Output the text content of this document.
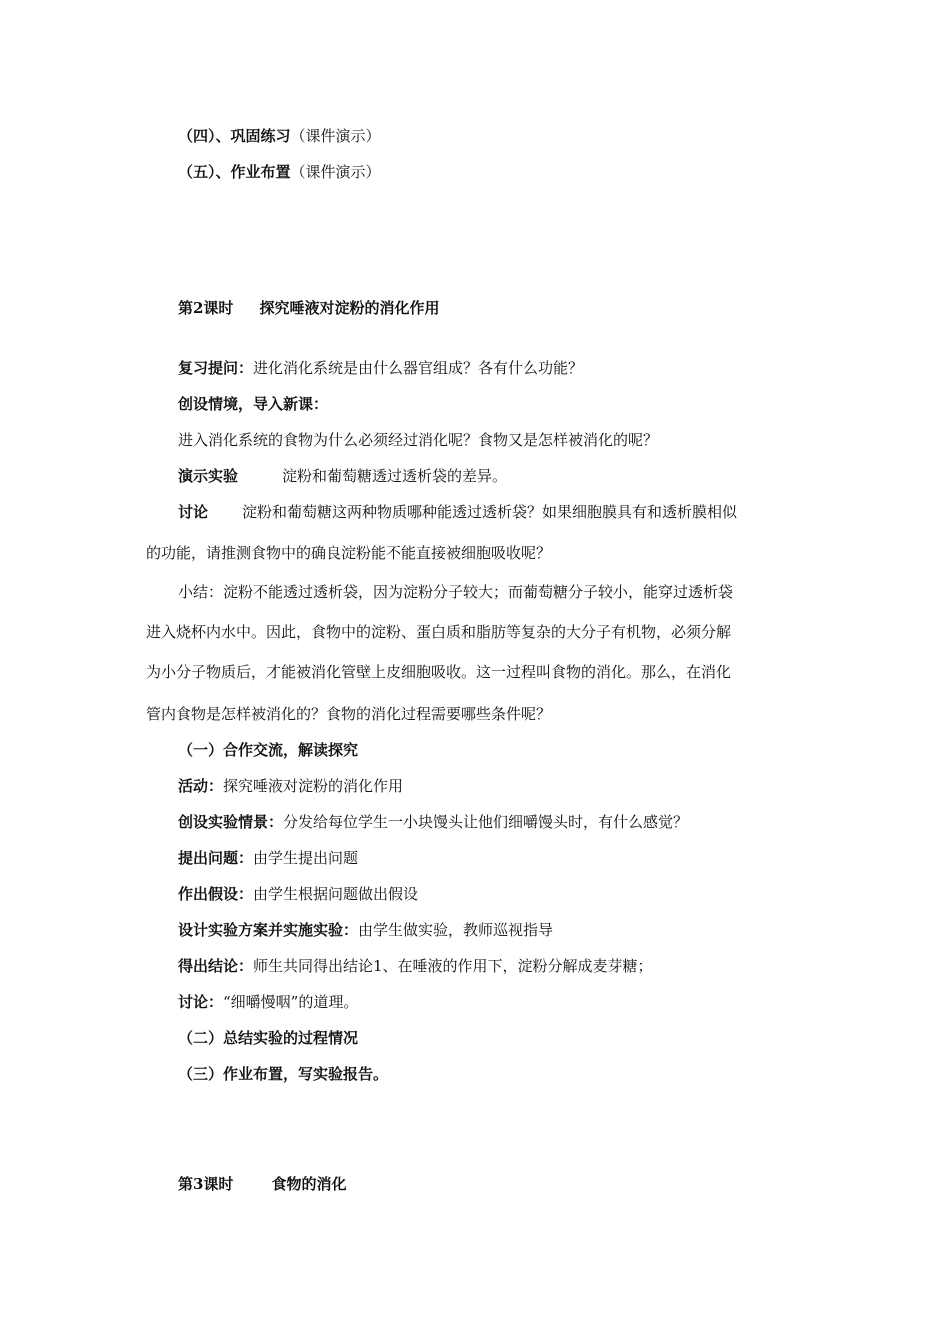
（四）、巩固练习（课件演示）
（五）、作业布置（课件演示）
第2课时 探究唾液对淀粉的消化作用
复习提问：进化消化系统是由什么器官组成？各有什么功能？
创设情境，导入新课：
进入消化系统的食物为什么必须经过消化呢？食物又是怎样被消化的呢？
演示实验	淀粉和葡萄糖透过透析袋的差异。
讨论 淀粉和葡萄糖这两种物质哪种能透过透析袋？如果细胞膜具有和透析膜相似
的功能，请推测食物中的确良淀粉能不能直接被细胞吸收呢？
小结：淀粉不能透过透析袋，因为淀粉分子较大；而葡萄糖分子较小，能穿过透析袋
进入烧杯内水中。因此，食物中的淀粉、蛋白质和脂肪等复杂的大分子有机物，必须分解
为小分子物质后，才能被消化管壁上皮细胞吸收。这一过程叫食物的消化。那么，在消化
管内食物是怎样被消化的？食物的消化过程需要哪些条件呢？
（一）合作交流，解读探究
活动：探究唾液对淀粉的消化作用
创设实验情景：分发给每位学生一小块馒头让他们细嚼馒头时，有什么感觉？
提出问题：由学生提出问题
作出假设：由学生根据问题做出假设
设计实验方案并实施实验：由学生做实验，教师巡视指导
得出结论：师生共同得出结论1、在唾液的作用下，淀粉分解成麦芽糖；
讨论：“细嚼慢咽”的道理。
（二）总结实验的过程情况
（三）作业布置，写实验报告。
第3课时	食物的消化
